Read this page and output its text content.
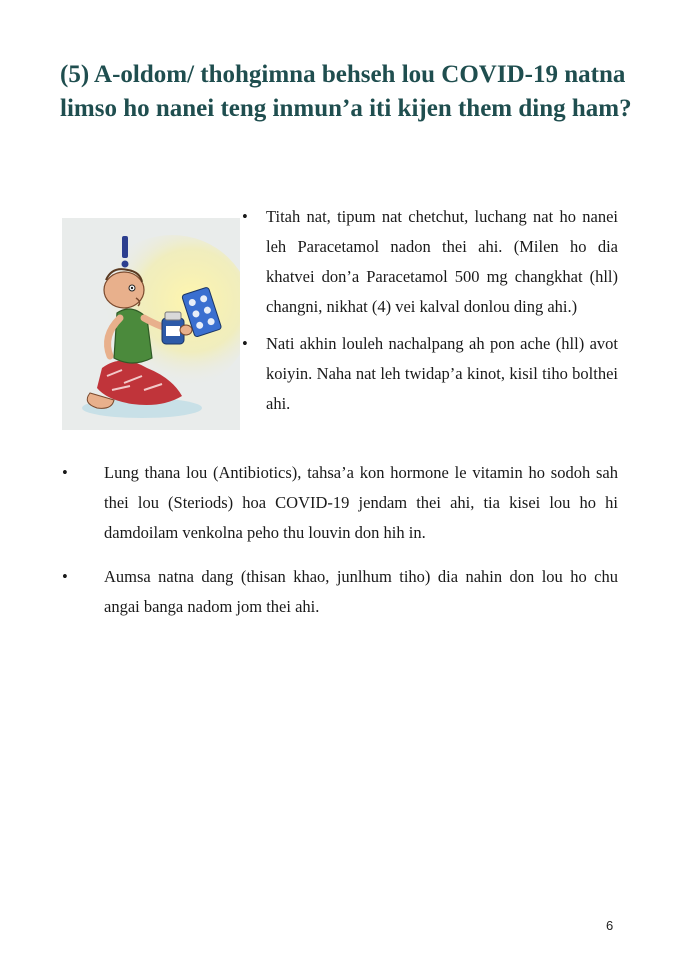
(5) A-oldom/ thohgimna behseh lou COVID-19 natna limso ho nanei teng inmun’a iti kijen them ding ham?
• Titah nat, tipum nat chetchut, luchang nat ho nanei leh Paracetamol nadon thei ahi. (Milen ho dia khatvei don’a Paracetamol 500 mg changkhat (hll) changni, nikhat (4) vei kalval donlou ding ahi.)
• Nati akhin louleh nachalpang ah pon ache (hll) avot koiyin. Naha nat leh twidap’a kinot, kisil tiho bolthei ahi.
• Lung thana lou (Antibiotics), tahsa’a kon hormone le vitamin ho sodoh sah thei lou (Steriods) hoa COVID-19 jendam thei ahi, tia kisei lou ho hi damdoilam venkolna peho thu louvin don hih in.
• Aumsa natna dang (thisan khao, junlhum tiho) dia nahin don lou ho chu angai banga nadom jom thei ahi.
6
